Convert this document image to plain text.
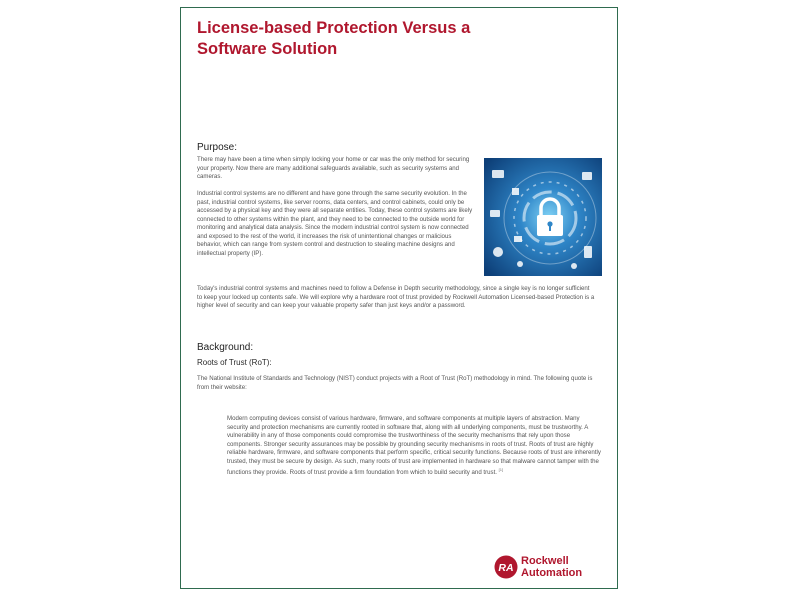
License-based Protection Versus a Software Solution
Purpose:

There may have been a time when simply locking your home or car was the only method for securing your property. Now there are many additional safeguards available, such as security systems and cameras.

Industrial control systems are no different and have gone through the same security evolution. In the past, industrial control systems, like server rooms, data centers, and control cabinets, could only be accessed by a physical key and they were all separate entities. Today, these control systems are likely connected to other systems within the plant, and they need to be connected to the outside world for monitoring and analytical data analysis. Since the modern industrial control system is now connected and exposed to the rest of the world, it increases the risk of unintentional changes or malicious behavior, which can range from system control and destruction to stealing machine designs and intellectual property (IP).

Today's industrial control systems and machines need to follow a Defense in Depth security methodology, since a single key is no longer sufficient to keep your locked up contents safe. We will explore why a hardware root of trust provided by Rockwell Automation Licensed-based Protection is a higher level of security and can keep your valuable property safer than just keys and/or a password.

Background:
Roots of Trust (RoT):

The National Institute of Standards and Technology (NIST) conduct projects with a Root of Trust (RoT) methodology in mind. The following quote is from their website:

Modern computing devices consist of various hardware, firmware, and software components at multiple layers of abstraction. Many security and protection mechanisms are currently rooted in software that, along with all underlying components, must be trustworthy. A vulnerability in any of those components could compromise the trustworthiness of the security mechanisms that rely upon those components. Stronger security assurances may be possible by grounding security mechanisms in roots of trust. Roots of trust are highly reliable hardware, firmware, and software components that perform specific, critical security functions. Because roots of trust are inherently trusted, they must be secure by design. As such, many roots of trust are implemented in hardware so that malware cannot tamper with the functions they provide. Roots of trust provide a firm foundation from which to build security and trust. [1]

RA
Rockwell
Automation
